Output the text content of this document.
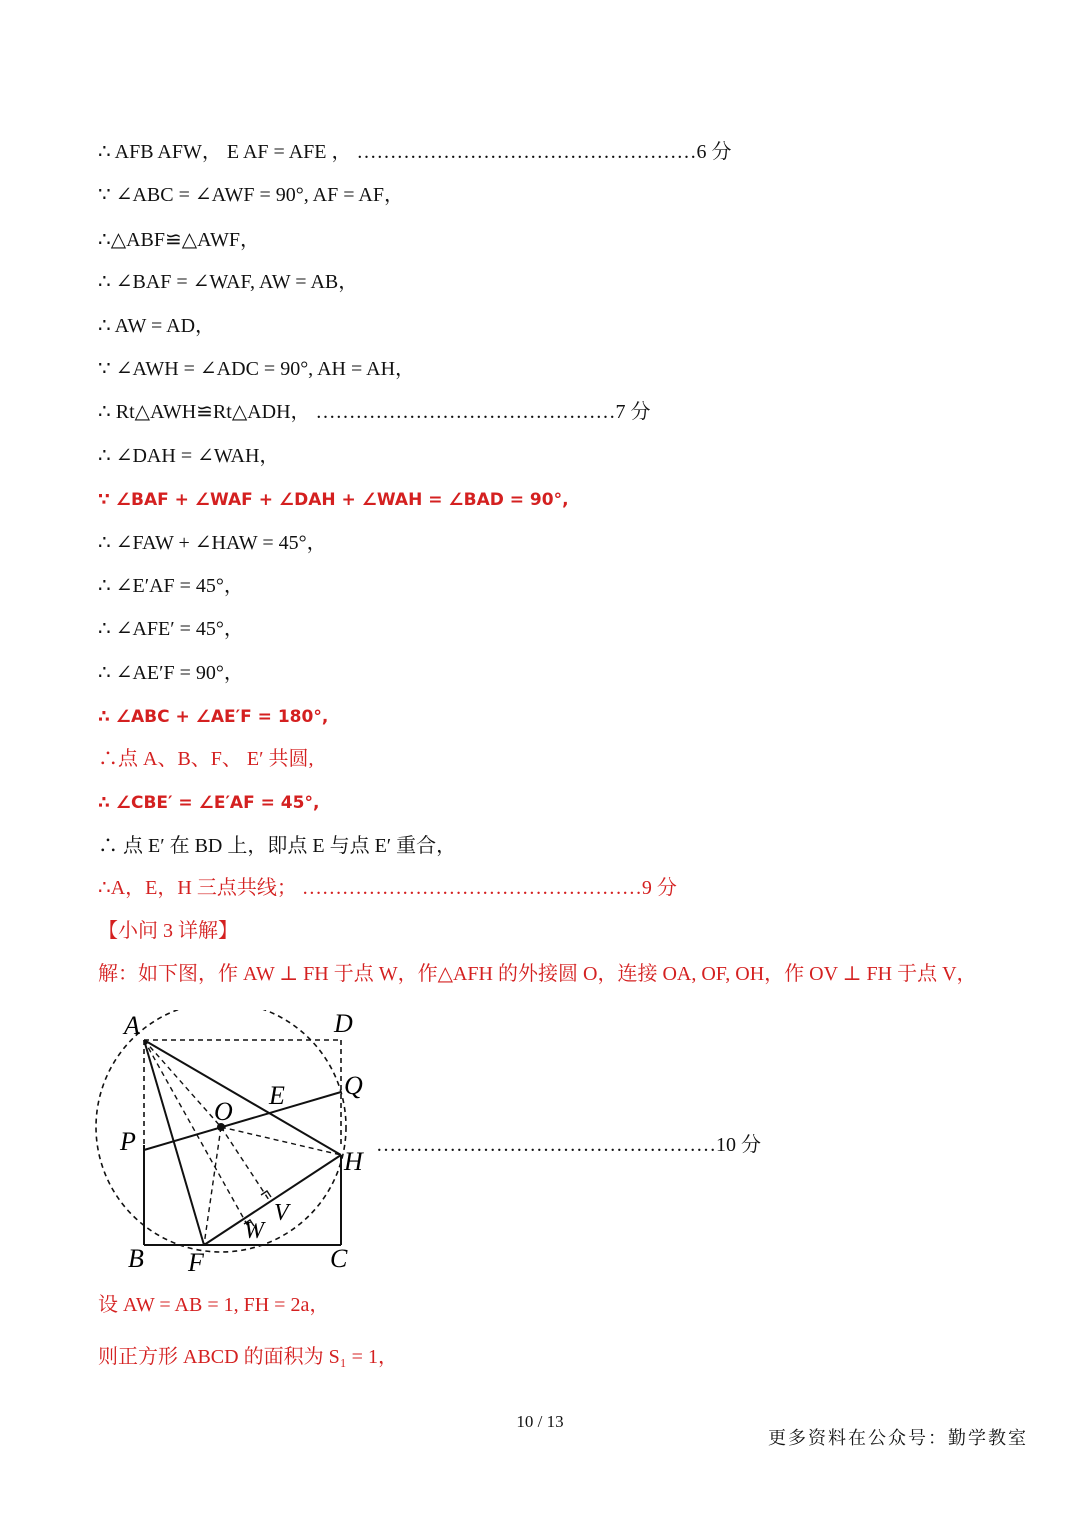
∴ AFB AFW， E AF = AFE ， ……………………………………………6 分
∵ ∠ABC = ∠AWF = 90°, AF = AF，
∴△ABF≌△AWF，
∴ ∠BAF = ∠WAF, AW = AB，
∴ AW = AD，
∵ ∠AWH = ∠ADC = 90°, AH = AH，
∴ Rt△AWH≌Rt△ADH， ………………………………………7 分
∴ ∠DAH = ∠WAH，
∵ ∠BAF + ∠WAF + ∠DAH + ∠WAH = ∠BAD = 90°,
∴ ∠FAW + ∠HAW = 45°，
∴ ∠E′AF = 45°，
∴ ∠AFE′ = 45°，
∴ ∠AE′F = 90°，
∴ ∠ABC + ∠AE′F = 180°,
∴点 A、B、F、 E′ 共圆,
∴ ∠CBE′ = ∠E′AF = 45°,
∴ 点 E′ 在 BD 上，即点 E 与点 E′ 重合，
∴A，E，H 三点共线； ……………………………………………9 分
【小问 3 详解】
解：如下图，作 AW ⊥ FH 于点 W，作△AFH 的外接圆 O，连接 OA, OF, OH，作 OV ⊥ FH 于点 V，
设 AW = AB = 1, FH = 2a，
则正方形 ABCD 的面积为 S₁ = 1，
……………………………………………10 分
A	D
Q
E
O
P
H
W
V
B F	C
10 / 13
更多资料在公众号：勤学教室
